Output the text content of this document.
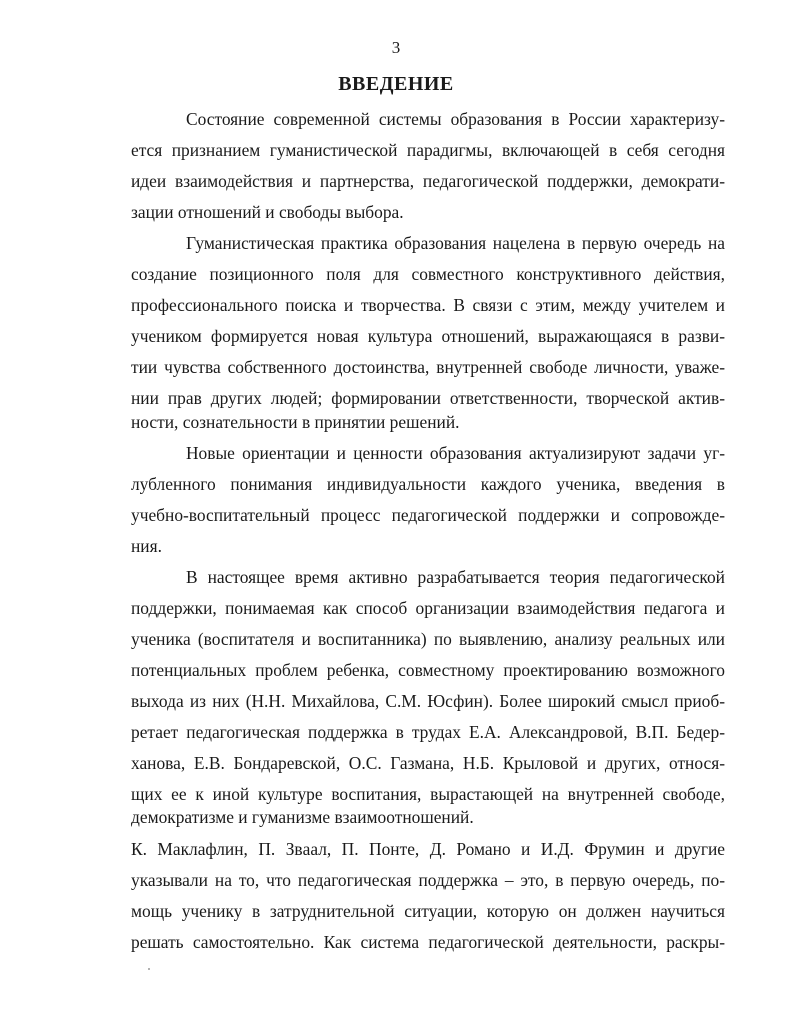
3
ВВЕДЕНИЕ
Состояние современной системы образования в России характеризу-
ется признанием гуманистической парадигмы, включающей в себя сегодня
идеи взаимодействия и партнерства, педагогической поддержки, демократи-
зации отношений и свободы выбора.
Гуманистическая практика образования нацелена в первую очередь на
создание позиционного поля для совместного конструктивного действия,
профессионального поиска и творчества. В связи с этим, между учителем и
учеником формируется новая культура отношений, выражающаяся в разви-
тии чувства собственного достоинства, внутренней свободе личности, уваже-
нии прав других людей; формировании ответственности, творческой актив-
ности, сознательности в принятии решений.
Новые ориентации и ценности образования актуализируют задачи уг-
лубленного понимания индивидуальности каждого ученика, введения в
учебно-воспитательный процесс педагогической поддержки и сопровожде-
ния.
В настоящее время активно разрабатывается теория педагогической
поддержки, понимаемая как способ организации взаимодействия педагога и
ученика (воспитателя и воспитанника) по выявлению, анализу реальных или
потенциальных проблем ребенка, совместному проектированию возможного
выхода из них (Н.Н. Михайлова, С.М. Юсфин). Более широкий смысл приоб-
ретает педагогическая поддержка в трудах Е.А. Александровой, В.П. Бедер-
ханова, Е.В. Бондаревской, О.С. Газмана, Н.Б. Крыловой и других, относя-
щих ее к иной культуре воспитания, вырастающей на внутренней свободе,
демократизме и гуманизме взаимоотношений.
К. Маклафлин, П. Звaал, П. Понте, Д. Романо и И.Д. Фрумин и другие
указывали на то, что педагогическая поддержка – это, в первую очередь, по-
мощь ученику в затруднительной ситуации, которую он должен научиться
решать самостоятельно. Как система педагогической деятельности, раскры-
